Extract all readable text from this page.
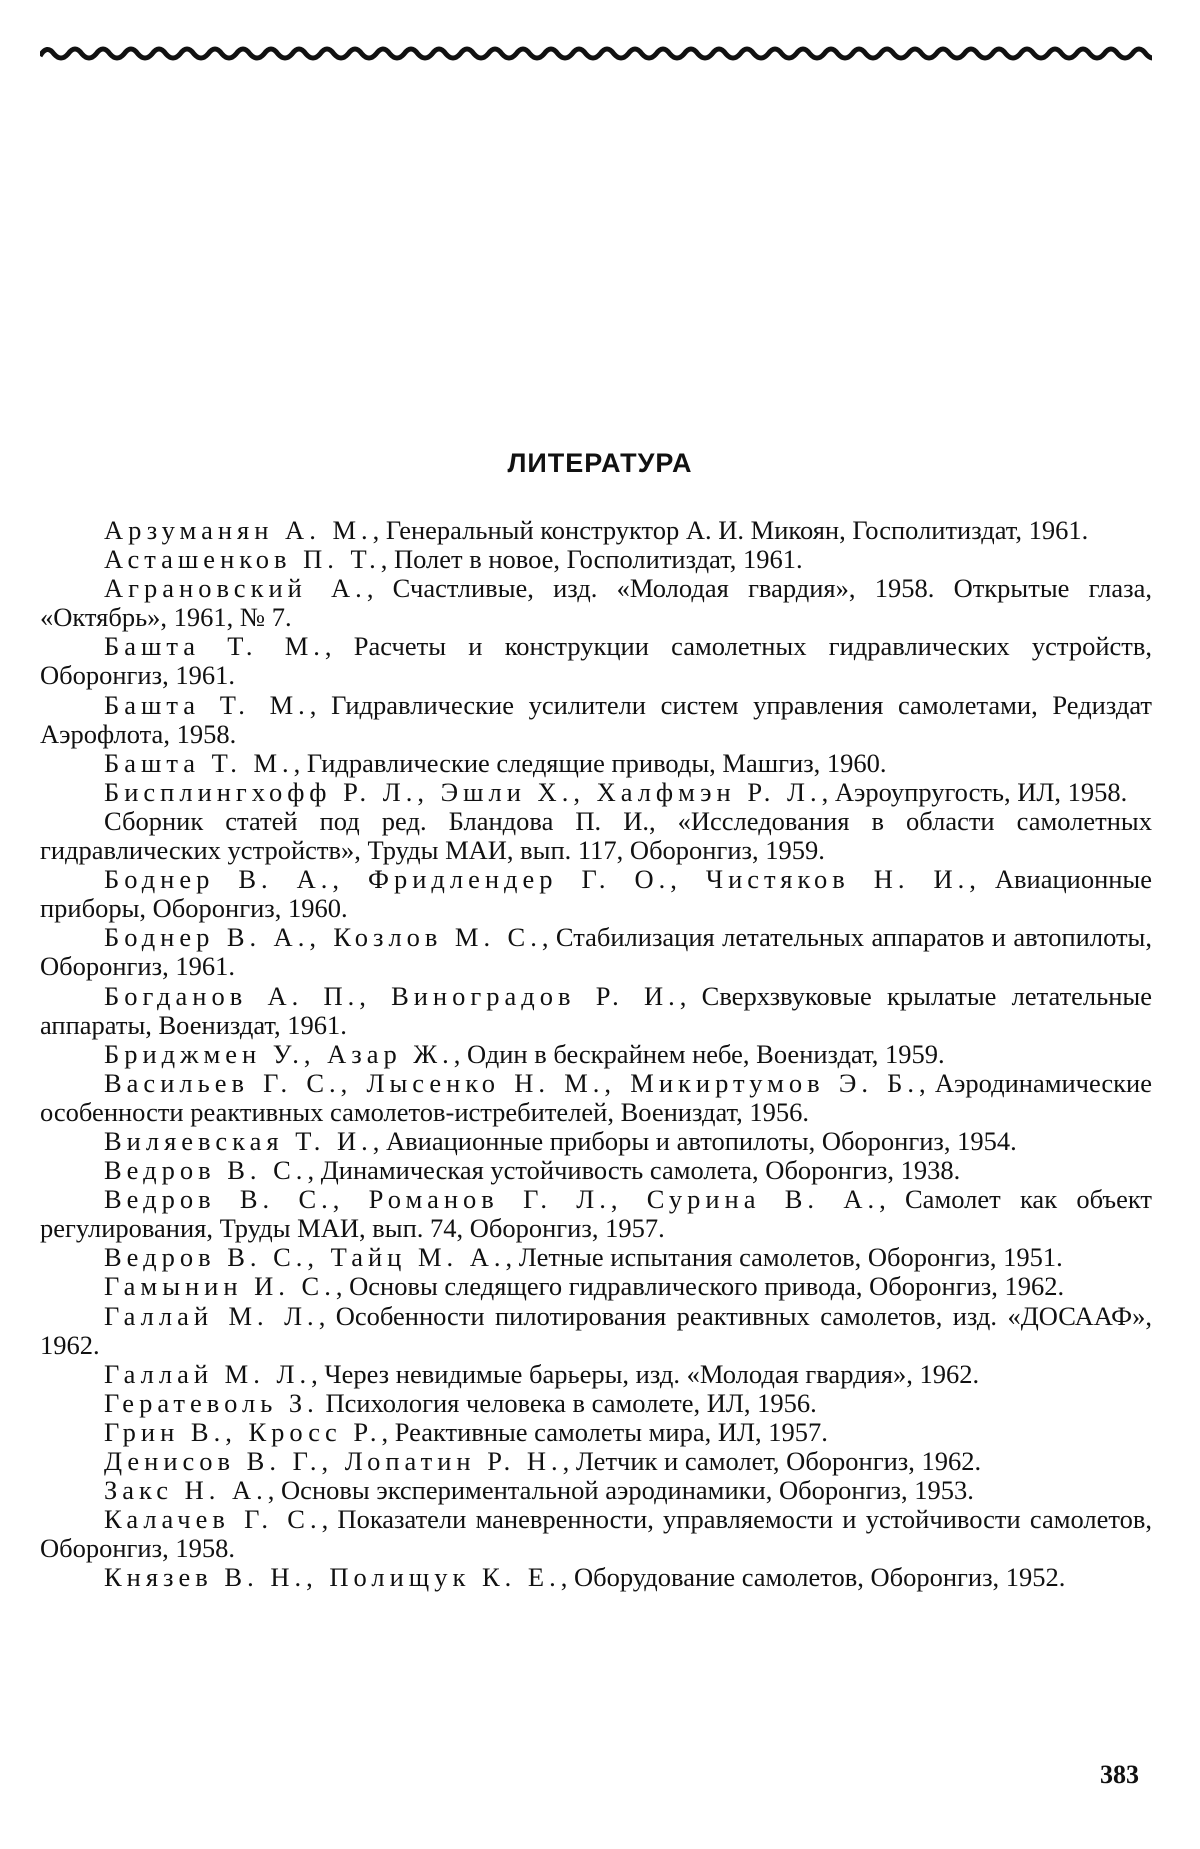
ЛИТЕРАТУРА

Арзуманян А. М., Генеральный конструктор А. И. Микоян, Госполитиздат, 1961.

Асташенков П. Т., Полет в новое, Госполитиздат, 1961.

Аграновский А., Счастливые, изд. «Молодая гвардия», 1958. Открытые глаза, «Октябрь», 1961, № 7.

Башта Т. М., Расчеты и конструкции самолетных гидравлических устройств, Оборонгиз, 1961.

Башта Т. М., Гидравлические усилители систем управления самолетами, Редиздат Аэрофлота, 1958.

Башта Т. М., Гидравлические следящие приводы, Машгиз, 1960.

Бисплингхофф Р. Л., Эшли Х., Халфмэн Р. Л., Аэроупругость, ИЛ, 1958.

Сборник статей под ред. Бландова П. И., «Исследования в области самолетных гидравлических устройств», Труды МАИ, вып. 117, Оборонгиз, 1959.

Боднер В. А., Фридлендер Г. О., Чистяков Н. И., Авиационные приборы, Оборонгиз, 1960.

Боднер В. А., Козлов М. С., Стабилизация летательных аппаратов и автопилоты, Оборонгиз, 1961.

Богданов А. П., Виноградов Р. И., Сверхзвуковые крылатые летательные аппараты, Воениздат, 1961.

Бриджмен У., Азар Ж., Один в бескрайнем небе, Воениздат, 1959.

Васильев Г. С., Лысенко Н. М., Микиртумов Э. Б., Аэродинамические особенности реактивных самолетов-истребителей, Воениздат, 1956.

Виляевская Т. И., Авиационные приборы и автопилоты, Оборонгиз, 1954.

Ведров В. С., Динамическая устойчивость самолета, Оборонгиз, 1938.

Ведров В. С., Романов Г. Л., Сурина В. А., Самолет как объект регулирования, Труды МАИ, вып. 74, Оборонгиз, 1957.

Ведров В. С., Тайц М. А., Летные испытания самолетов, Оборонгиз, 1951.

Гамынин И. С., Основы следящего гидравлического привода, Оборонгиз, 1962.

Галлай М. Л., Особенности пилотирования реактивных самолетов, изд. «ДОСААФ», 1962.

Галлай М. Л., Через невидимые барьеры, изд. «Молодая гвардия», 1962.

Гератеволь З. Психология человека в самолете, ИЛ, 1956.

Грин В., Кросс Р., Реактивные самолеты мира, ИЛ, 1957.

Денисов В. Г., Лопатин Р. Н., Летчик и самолет, Оборонгиз, 1962.

Закс Н. А., Основы экспериментальной аэродинамики, Оборонгиз, 1953.

Калачев Г. С., Показатели маневренности, управляемости и устойчивости самолетов, Оборонгиз, 1958.

Князев В. Н., Полищук К. Е., Оборудование самолетов, Оборонгиз, 1952.

383
